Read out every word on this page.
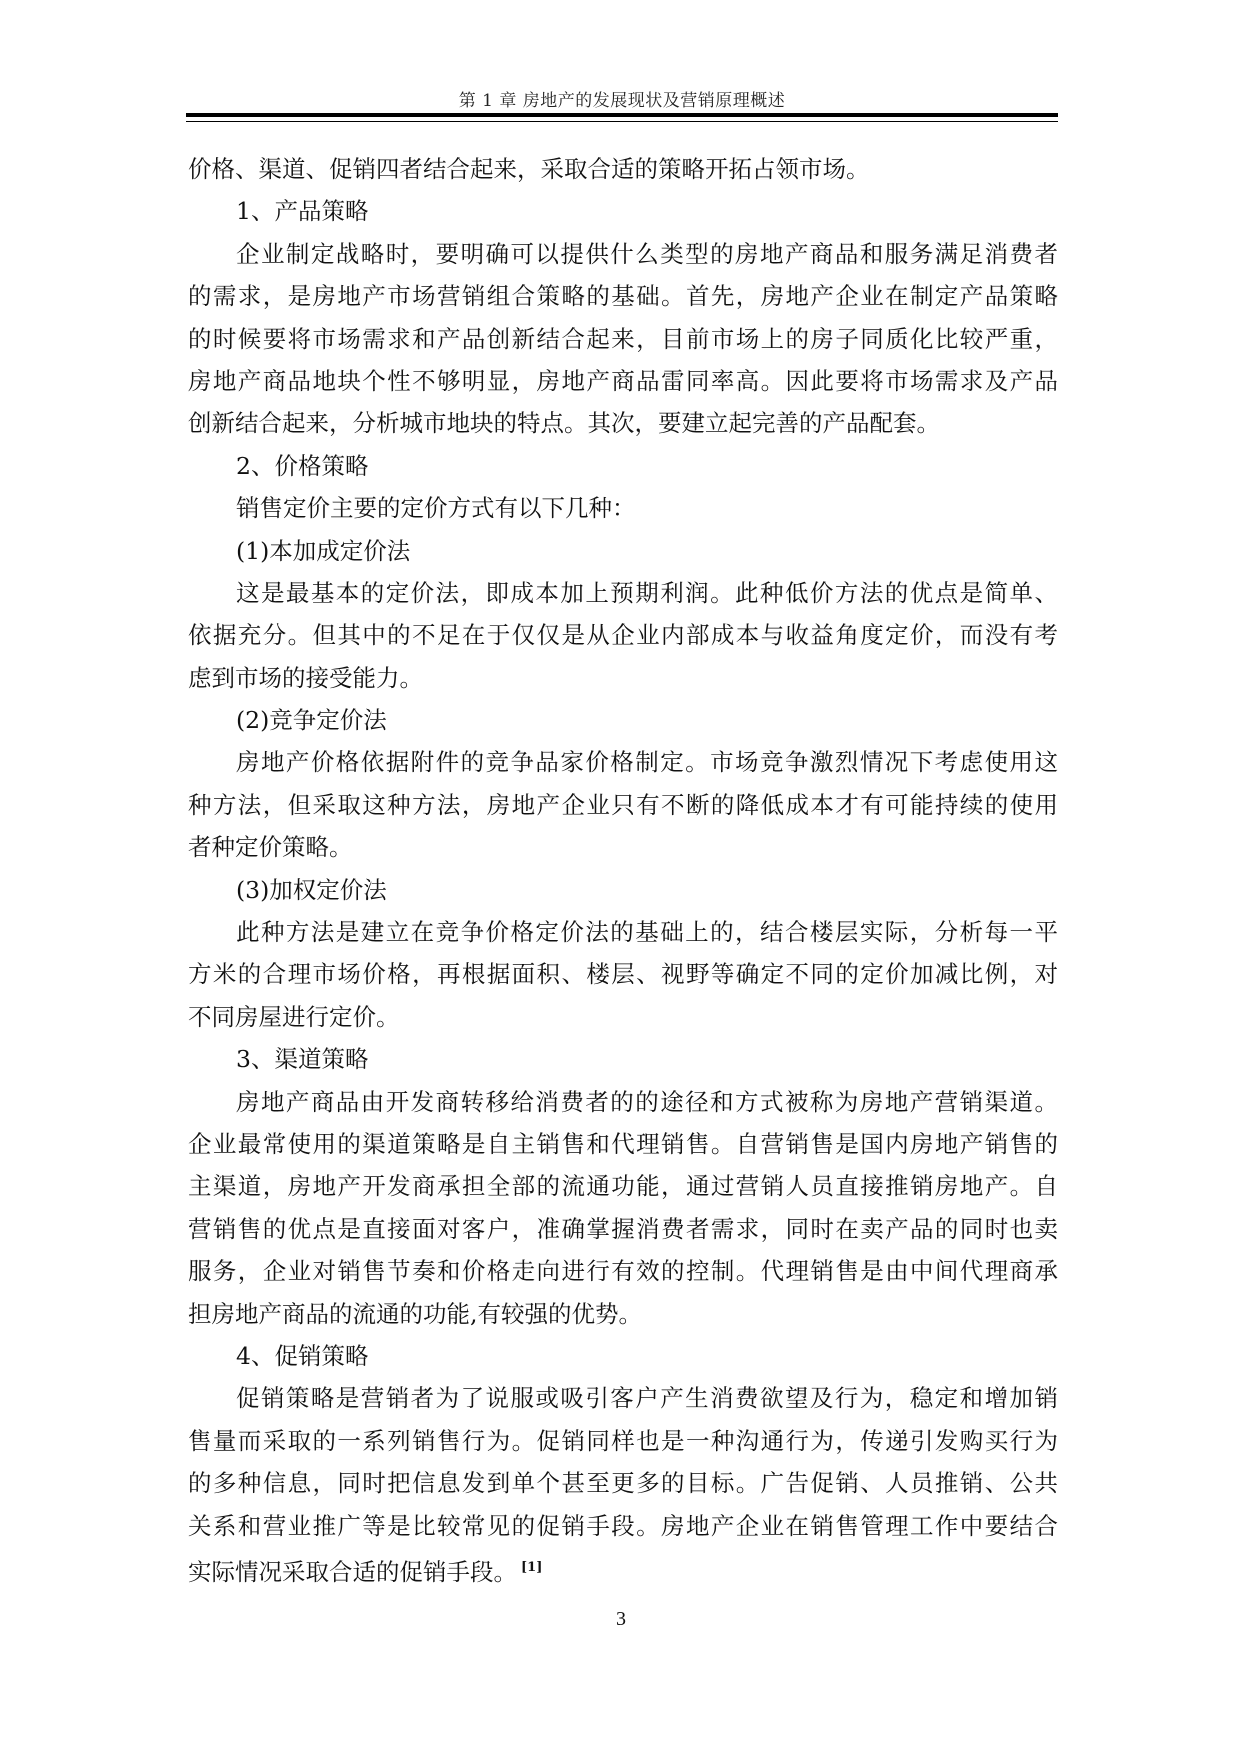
第 1 章 房地产的发展现状及营销原理概述
价格、渠道、促销四者结合起来，采取合适的策略开拓占领市场。
1、产品策略
企业制定战略时，要明确可以提供什么类型的房地产商品和服务满足消费者
的需求，是房地产市场营销组合策略的基础。首先，房地产企业在制定产品策略
的时候要将市场需求和产品创新结合起来，目前市场上的房子同质化比较严重，
房地产商品地块个性不够明显，房地产商品雷同率高。因此要将市场需求及产品
创新结合起来，分析城市地块的特点。其次，要建立起完善的产品配套。
2、价格策略
销售定价主要的定价方式有以下几种：
(1)本加成定价法
这是最基本的定价法，即成本加上预期利润。此种低价方法的优点是简单、
依据充分。但其中的不足在于仅仅是从企业内部成本与收益角度定价，而没有考
虑到市场的接受能力。
(2)竞争定价法
房地产价格依据附件的竞争品家价格制定。市场竞争激烈情况下考虑使用这
种方法，但采取这种方法，房地产企业只有不断的降低成本才有可能持续的使用
者种定价策略。
(3)加权定价法
此种方法是建立在竞争价格定价法的基础上的，结合楼层实际，分析每一平
方米的合理市场价格，再根据面积、楼层、视野等确定不同的定价加减比例，对
不同房屋进行定价。
3、渠道策略
房地产商品由开发商转移给消费者的的途径和方式被称为房地产营销渠道。
企业最常使用的渠道策略是自主销售和代理销售。自营销售是国内房地产销售的
主渠道，房地产开发商承担全部的流通功能，通过营销人员直接推销房地产。自
营销售的优点是直接面对客户，准确掌握消费者需求，同时在卖产品的同时也卖
服务，企业对销售节奏和价格走向进行有效的控制。代理销售是由中间代理商承
担房地产商品的流通的功能,有较强的优势。
4、促销策略
促销策略是营销者为了说服或吸引客户产生消费欲望及行为，稳定和增加销
售量而采取的一系列销售行为。促销同样也是一种沟通行为，传递引发购买行为
的多种信息，同时把信息发到单个甚至更多的目标。广告促销、人员推销、公共
关系和营业推广等是比较常见的促销手段。房地产企业在销售管理工作中要结合
实际情况采取合适的促销手段。 [1]
3
